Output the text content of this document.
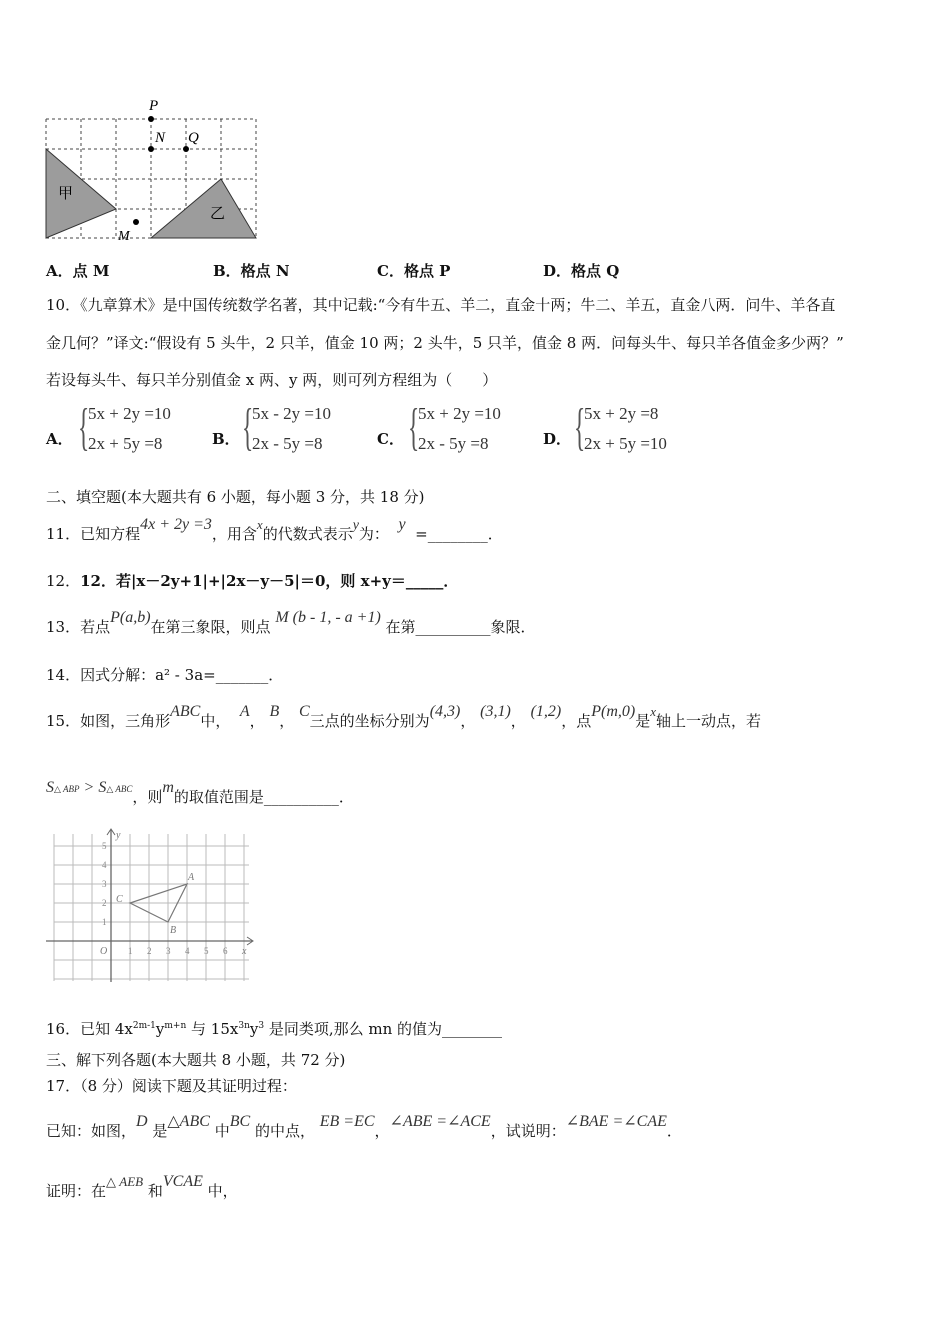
P
N Q
M
甲
乙
A．点 M	B．格点 N	C．格点 P	D．格点 Q
10．《九章算术》是中国传统数学名著，其中记载:“今有牛五、羊二，直金十两；牛二、羊五，直金八两．问牛、羊各直
金几何？”译文:“假设有 5 头牛，2 只羊，值金 10 两；2 头牛，5 只羊，值金 8 两．问每头牛、每只羊各值金多少两？”
若设每头牛、每只羊分别值金 x 两、y 两，则可列方程组为（　　）
A． {
5x + 2y =10
2x + 5y =8	B． {
5x - 2y =10
2x - 5y =8	C． {
5x + 2y =10
2x - 5y =8	D． {
5x + 2y =8
2x + 5y =10
二、填空题(本大题共有 6 小题，每小题 3 分，共 18 分)
11．已知方程4x + 2y =3，用含x的代数式表示y为：  y  =________．
12．12．若|x－2y+1|+|2x－y－5|＝0，则 x+y＝_____．
13．若点P(a,b)在第三象限，则点 M (b - 1, - a +1) 在第__________象限．
14．因式分解：a² - 3a=_______．
15．如图，三角形ABC中，  A， B， C三点的坐标分别为(4,3)， (3,1)， (1,2)，点P(m,0)是x轴上一动点，若
$S^{\triangle ABP} > S^{\triangle ABC}$，则m的取值范围是__________．
y
x
O
A
B
C
1 2 3 4 5 6
1
2
3
4
5
16．已知 $4x^{2m-1}y^{m+n}$ 与 $15x^{3n}y^3$ 是同类项,那么 mn 的值为________
三、解下列各题(本大题共 8 小题，共 72 分)
17．（8 分）阅读下题及其证明过程：
已知：如图，D 是△ABC 中BC 的中点， EB =EC，∠ABE =∠ACE，试说明：∠BAE =∠CAE．
证明：在△ AEB 和VCAE 中，
